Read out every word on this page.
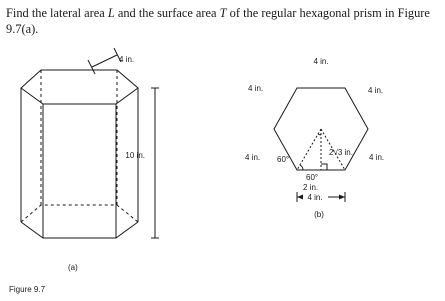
Find the lateral area L and the surface area T of the regular hexagonal prism in Figure 9.7(a).

4 in.
10 in.
(a)
4 in.
4 in.	4 in.
4 in.	4 in.
60°
60°
2√3 in.
2 in.
4 in.
(b)

Figure 9.7
